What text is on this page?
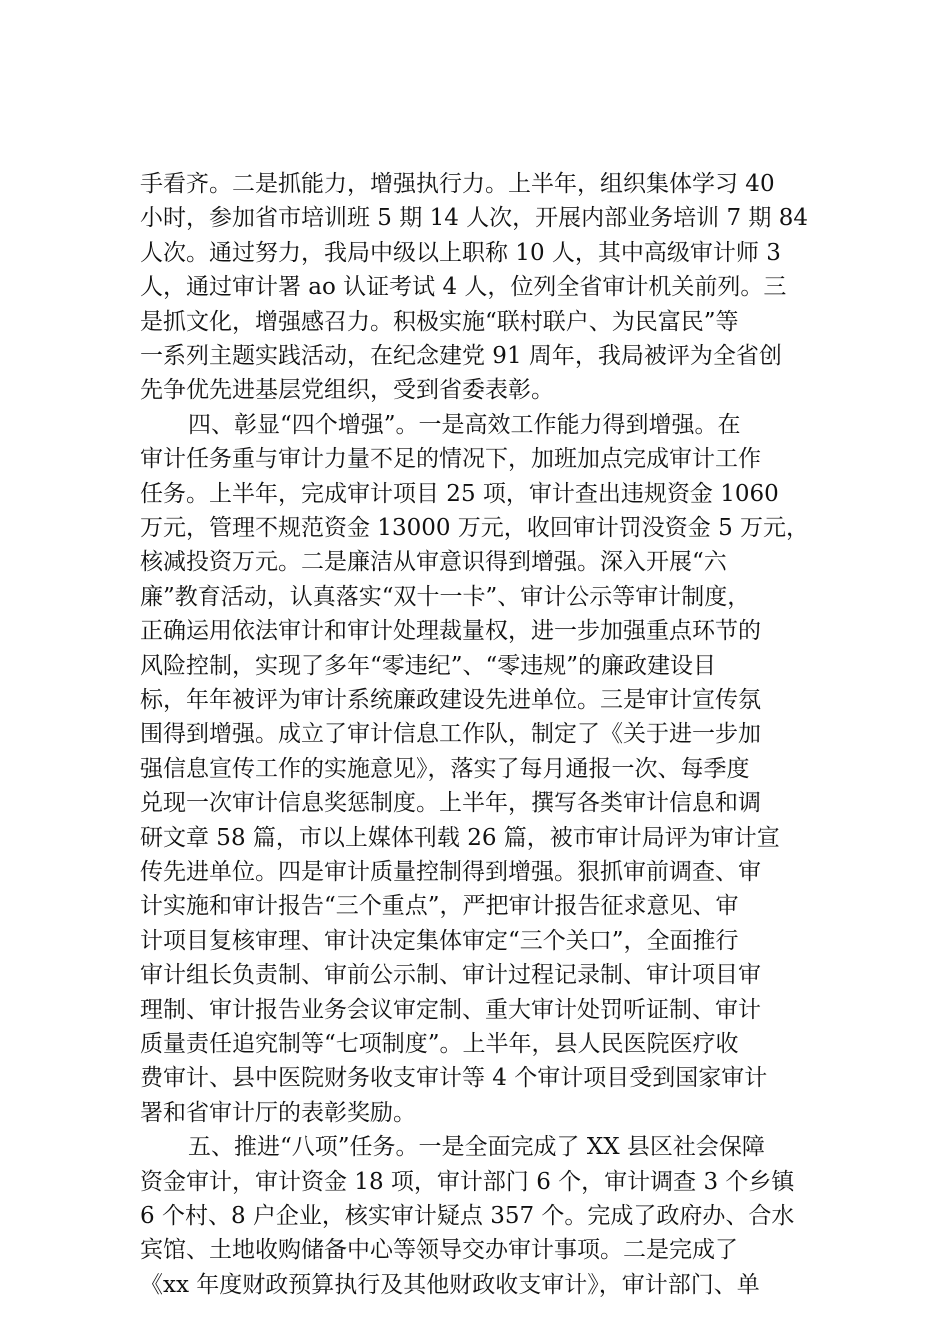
手看齐。二是抓能力，增强执行力。上半年，组织集体学习 40
小时，参加省市培训班 5 期 14 人次，开展内部业务培训 7 期 84
人次。通过努力，我局中级以上职称 10 人，其中高级审计师 3
人，通过审计署 ao 认证考试 4 人，位列全省审计机关前列。三
是抓文化，增强感召力。积极实施“联村联户、为民富民”等
一系列主题实践活动，在纪念建党 91 周年，我局被评为全省创
先争优先进基层党组织，受到省委表彰。
四、彰显“四个增强”。一是高效工作能力得到增强。在
审计任务重与审计力量不足的情况下，加班加点完成审计工作
任务。上半年，完成审计项目 25 项，审计查出违规资金 1060
万元，管理不规范资金 13000 万元，收回审计罚没资金 5 万元，
核减投资万元。二是廉洁从审意识得到增强。深入开展“六
廉”教育活动，认真落实“双十一卡”、审计公示等审计制度，
正确运用依法审计和审计处理裁量权，进一步加强重点环节的
风险控制，实现了多年“零违纪”、“零违规”的廉政建设目
标，年年被评为审计系统廉政建设先进单位。三是审计宣传氛
围得到增强。成立了审计信息工作队，制定了《关于进一步加
强信息宣传工作的实施意见》，落实了每月通报一次、每季度
兑现一次审计信息奖惩制度。上半年，撰写各类审计信息和调
研文章 58 篇，市以上媒体刊载 26 篇，被市审计局评为审计宣
传先进单位。四是审计质量控制得到增强。狠抓审前调查、审
计实施和审计报告“三个重点”，严把审计报告征求意见、审
计项目复核审理、审计决定集体审定“三个关口”，全面推行
审计组长负责制、审前公示制、审计过程记录制、审计项目审
理制、审计报告业务会议审定制、重大审计处罚听证制、审计
质量责任追究制等“七项制度”。上半年，县人民医院医疗收
费审计、县中医院财务收支审计等 4 个审计项目受到国家审计
署和省审计厅的表彰奖励。
五、推进“八项”任务。一是全面完成了 XX 县区社会保障
资金审计，审计资金 18 项，审计部门 6 个，审计调查 3 个乡镇
6 个村、8 户企业，核实审计疑点 357 个。完成了政府办、合水
宾馆、土地收购储备中心等领导交办审计事项。二是完成了
《xx 年度财政预算执行及其他财政收支审计》，审计部门、单
